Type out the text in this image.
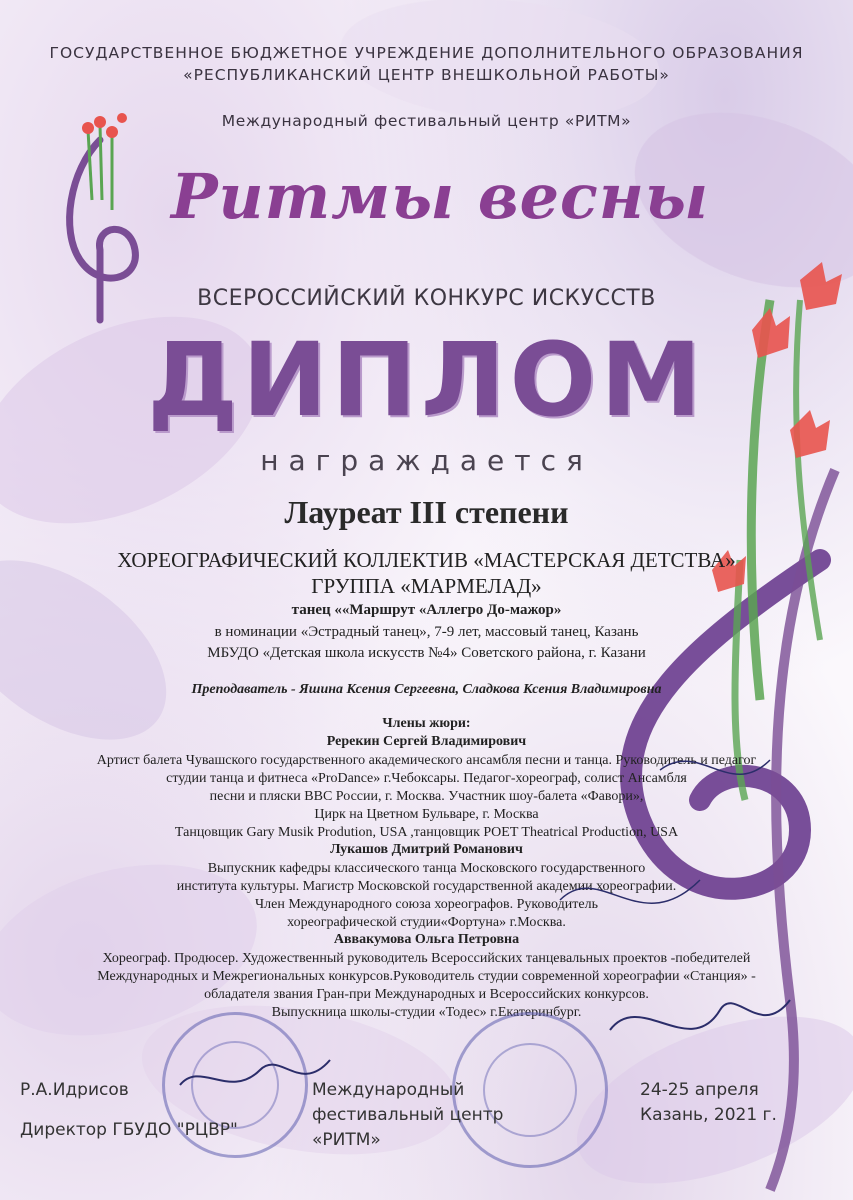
ГОСУДАРСТВЕННОЕ БЮДЖЕТНОЕ УЧРЕЖДЕНИЕ ДОПОЛНИТЕЛЬНОГО ОБРАЗОВАНИЯ
«РЕСПУБЛИКАНСКИЙ ЦЕНТР ВНЕШКОЛЬНОЙ РАБОТЫ»
Международный фестивальный центр «РИТМ»
Ритмы весны
ВСЕРОССИЙСКИЙ КОНКУРС ИСКУССТВ
ДИПЛОМ
награждается
Лауреат III степени
ХОРЕОГРАФИЧЕСКИЙ КОЛЛЕКТИВ «МАСТЕРСКАЯ ДЕТСТВА»
ГРУППА «МАРМЕЛАД»
танец ««Маршрут «Аллегро До-мажор»
в номинации «Эстрадный танец», 7-9 лет, массовый танец, Казань
МБУДО «Детская школа искусств №4» Советского района, г. Казани
Преподаватель - Яшина Ксения Сергеевна, Сладкова Ксения Владимировна
Члены жюри:
Ререкин Сергей Владимирович
Артист балета Чувашского государственного академического ансамбля песни и танца. Руководитель и педагог
студии танца и фитнеса «ProDance» г.Чебоксары. Педагог-хореограф, солист Ансамбля
песни и пляски ВВС России, г. Москва. Участник шоу-балета «Фавори»,
Цирк на Цветном Бульваре, г. Москва
Танцовщик Gary Musik Prodution, USA ,танцовщик POET Theatrical Production, USA
Лукашов Дмитрий Романович
Выпускник кафедры классического танца Московского государственного
института культуры. Магистр Московской государственной академии хореографии.
Член Международного союза хореографов. Руководитель
хореографической студии«Фортуна» г.Москва.
Аввакумова Ольга Петровна
Хореограф. Продюсер. Художественный руководитель Всероссийских танцевальных проектов -победителей
Международных и Межрегиональных конкурсов.Руководитель студии современной хореографии «Станция» -
обладателя звания Гран-при Международных и Всероссийских конкурсов.
Выпускница школы-студии «Тодес» г.Екатеринбург.
Р.А.Идрисов
Директор ГБУДО "РЦВР"
Международный
фестивальный центр
«РИТМ»
24-25 апреля
Казань, 2021 г.
